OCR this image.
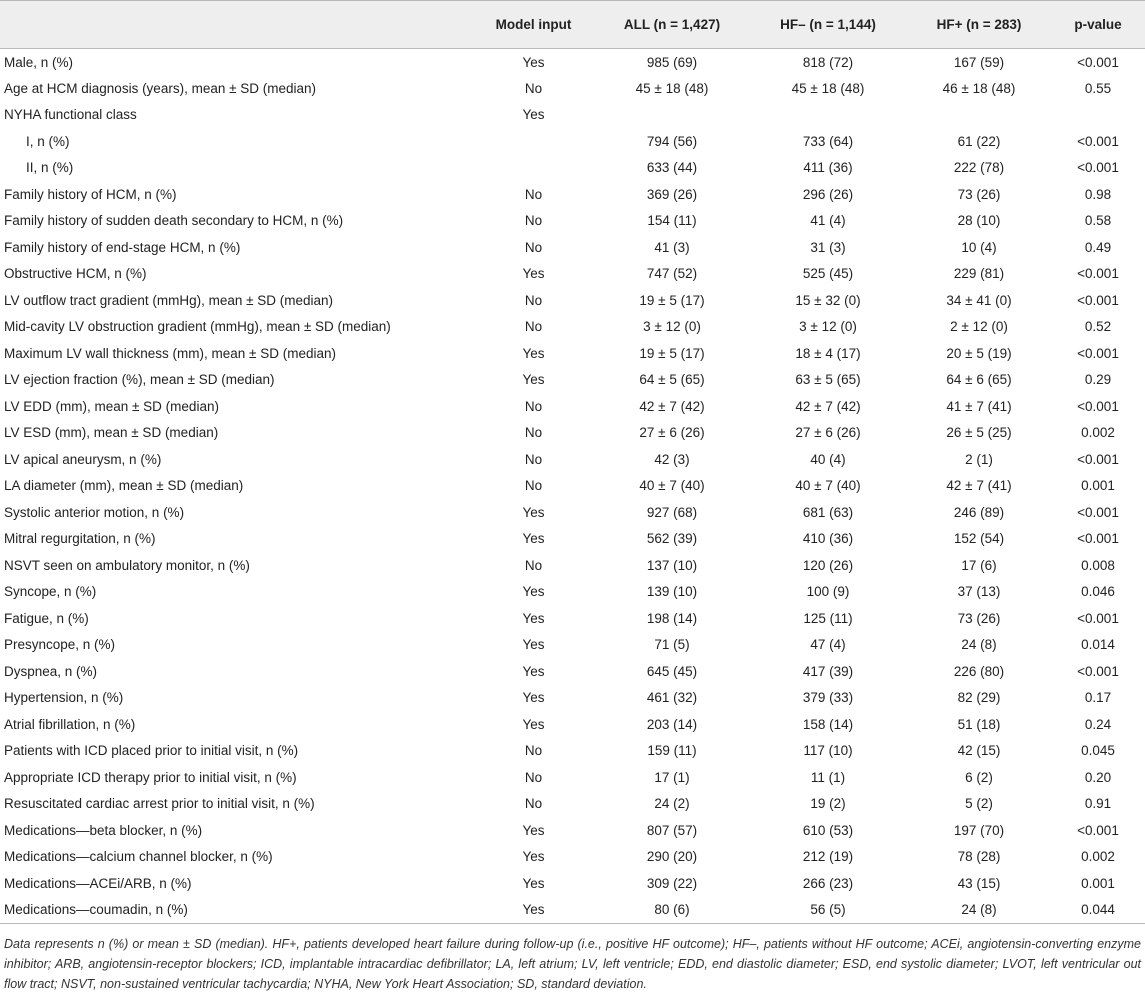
	Model input	ALL (n = 1,427)	HF– (n = 1,144)	HF+ (n = 283)	p-value
Male, n (%)	Yes	985 (69)	818 (72)	167 (59)	<0.001
Age at HCM diagnosis (years), mean ± SD (median)	No	45 ± 18 (48)	45 ± 18 (48)	46 ± 18 (48)	0.55
NYHA functional class	Yes				
I, n (%)		794 (56)	733 (64)	61 (22)	<0.001
II, n (%)		633 (44)	411 (36)	222 (78)	<0.001
Family history of HCM, n (%)	No	369 (26)	296 (26)	73 (26)	0.98
Family history of sudden death secondary to HCM, n (%)	No	154 (11)	41 (4)	28 (10)	0.58
Family history of end-stage HCM, n (%)	No	41 (3)	31 (3)	10 (4)	0.49
Obstructive HCM, n (%)	Yes	747 (52)	525 (45)	229 (81)	<0.001
LV outflow tract gradient (mmHg), mean ± SD (median)	No	19 ± 5 (17)	15 ± 32 (0)	34 ± 41 (0)	<0.001
Mid-cavity LV obstruction gradient (mmHg), mean ± SD (median)	No	3 ± 12 (0)	3 ± 12 (0)	2 ± 12 (0)	0.52
Maximum LV wall thickness (mm), mean ± SD (median)	Yes	19 ± 5 (17)	18 ± 4 (17)	20 ± 5 (19)	<0.001
LV ejection fraction (%), mean ± SD (median)	Yes	64 ± 5 (65)	63 ± 5 (65)	64 ± 6 (65)	0.29
LV EDD (mm), mean ± SD (median)	No	42 ± 7 (42)	42 ± 7 (42)	41 ± 7 (41)	<0.001
LV ESD (mm), mean ± SD (median)	No	27 ± 6 (26)	27 ± 6 (26)	26 ± 5 (25)	0.002
LV apical aneurysm, n (%)	No	42 (3)	40 (4)	2 (1)	<0.001
LA diameter (mm), mean ± SD (median)	No	40 ± 7 (40)	40 ± 7 (40)	42 ± 7 (41)	0.001
Systolic anterior motion, n (%)	Yes	927 (68)	681 (63)	246 (89)	<0.001
Mitral regurgitation, n (%)	Yes	562 (39)	410 (36)	152 (54)	<0.001
NSVT seen on ambulatory monitor, n (%)	No	137 (10)	120 (26)	17 (6)	0.008
Syncope, n (%)	Yes	139 (10)	100 (9)	37 (13)	0.046
Fatigue, n (%)	Yes	198 (14)	125 (11)	73 (26)	<0.001
Presyncope, n (%)	Yes	71 (5)	47 (4)	24 (8)	0.014
Dyspnea, n (%)	Yes	645 (45)	417 (39)	226 (80)	<0.001
Hypertension, n (%)	Yes	461 (32)	379 (33)	82 (29)	0.17
Atrial fibrillation, n (%)	Yes	203 (14)	158 (14)	51 (18)	0.24
Patients with ICD placed prior to initial visit, n (%)	No	159 (11)	117 (10)	42 (15)	0.045
Appropriate ICD therapy prior to initial visit, n (%)	No	17 (1)	11 (1)	6 (2)	0.20
Resuscitated cardiac arrest prior to initial visit, n (%)	No	24 (2)	19 (2)	5 (2)	0.91
Medications—beta blocker, n (%)	Yes	807 (57)	610 (53)	197 (70)	<0.001
Medications—calcium channel blocker, n (%)	Yes	290 (20)	212 (19)	78 (28)	0.002
Medications—ACEi/ARB, n (%)	Yes	309 (22)	266 (23)	43 (15)	0.001
Medications—coumadin, n (%)	Yes	80 (6)	56 (5)	24 (8)	0.044
Data represents n (%) or mean ± SD (median). HF+, patients developed heart failure during follow-up (i.e., positive HF outcome); HF–, patients without HF outcome; ACEi, angiotensin-converting enzyme inhibitor; ARB, angiotensin-receptor blockers; ICD, implantable intracardiac defibrillator; LA, left atrium; LV, left ventricle; EDD, end diastolic diameter; ESD, end systolic diameter; LVOT, left ventricular out flow tract; NSVT, non-sustained ventricular tachycardia; NYHA, New York Heart Association; SD, standard deviation.
